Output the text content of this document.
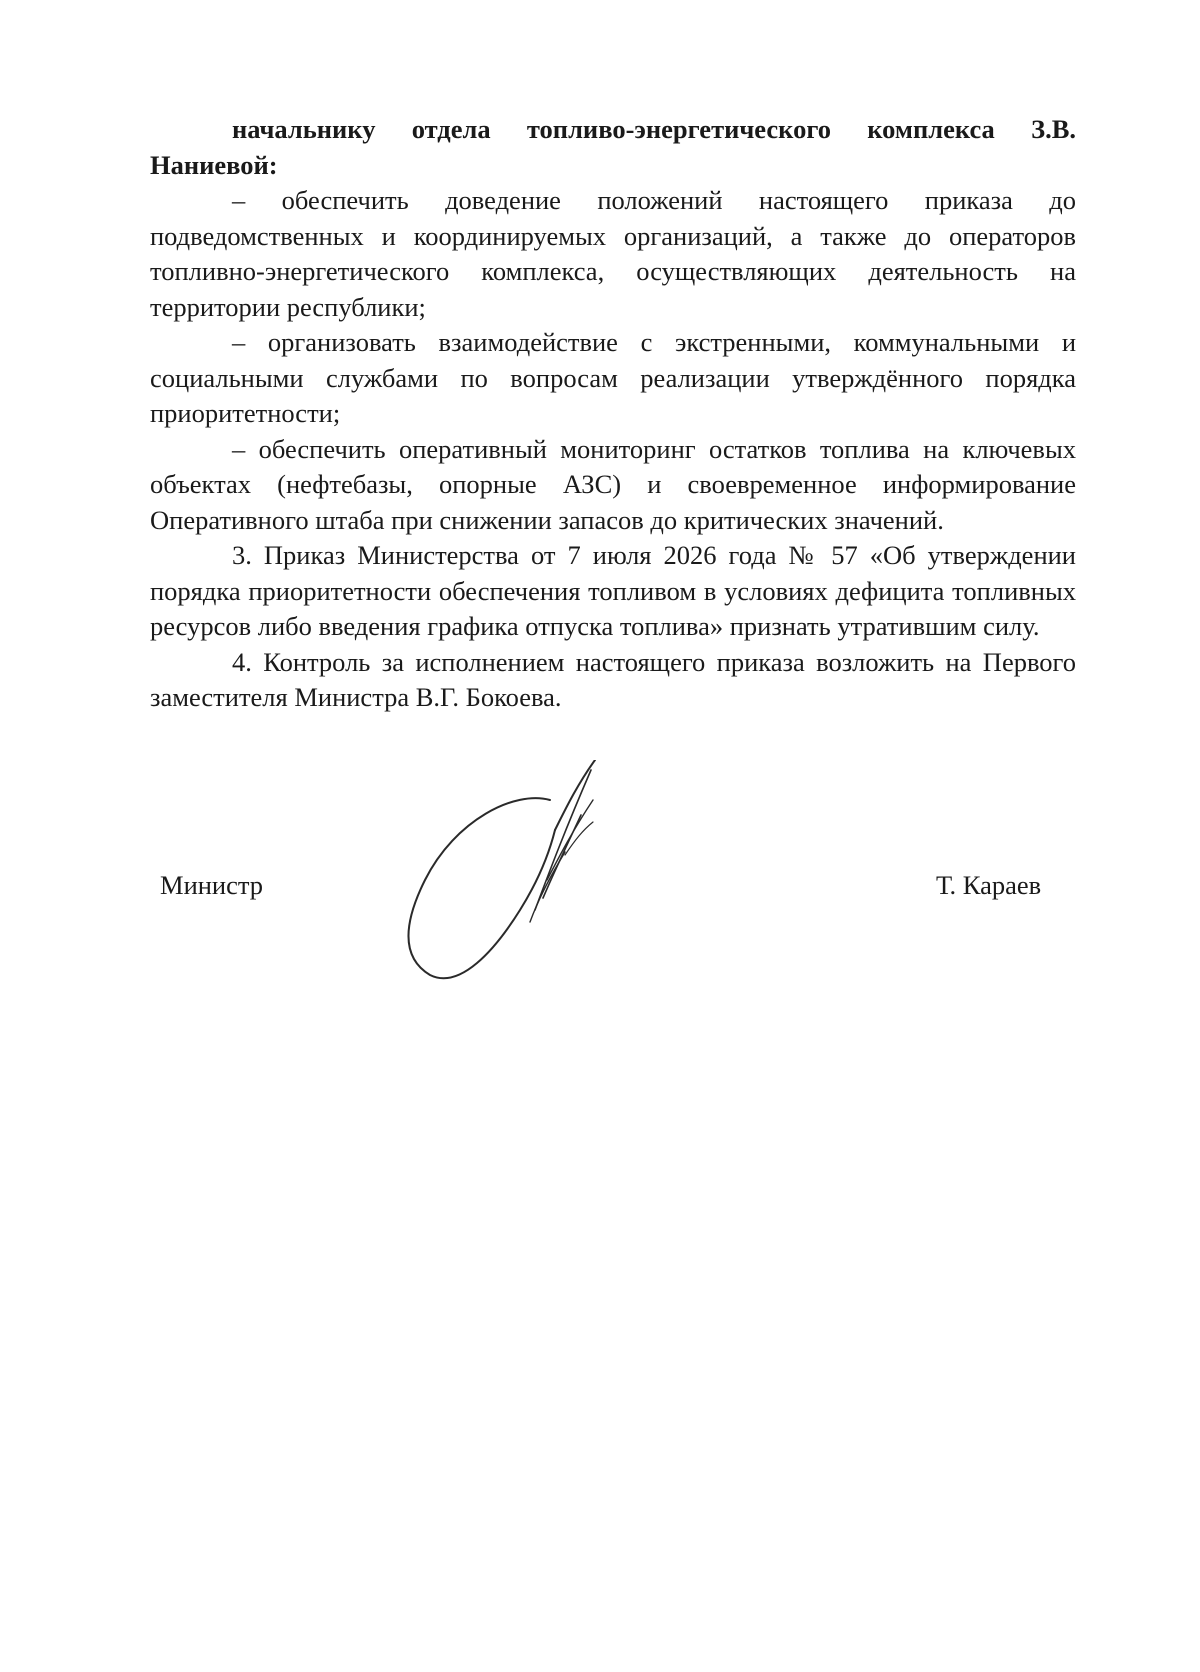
начальнику отдела топливо-энергетического комплекса З.В. Наниевой:

– обеспечить доведение положений настоящего приказа до подведомственных и координируемых организаций, а также до операторов топливно-энергетического комплекса, осуществляющих деятельность на территории республики;

– организовать взаимодействие с экстренными, коммунальными и социальными службами по вопросам реализации утверждённого порядка приоритетности;

– обеспечить оперативный мониторинг остатков топлива на ключевых объектах (нефтебазы, опорные АЗС) и своевременное информирование Оперативного штаба при снижении запасов до критических значений.

3. Приказ Министерства от 7 июля 2026 года № 57 «Об утверждении порядка приоритетности обеспечения топливом в условиях дефицита топливных ресурсов либо введения графика отпуска топлива» признать утратившим силу.

4. Контроль за исполнением настоящего приказа возложить на Первого заместителя Министра В.Г. Бокоева.

Министр	Т. Караев
